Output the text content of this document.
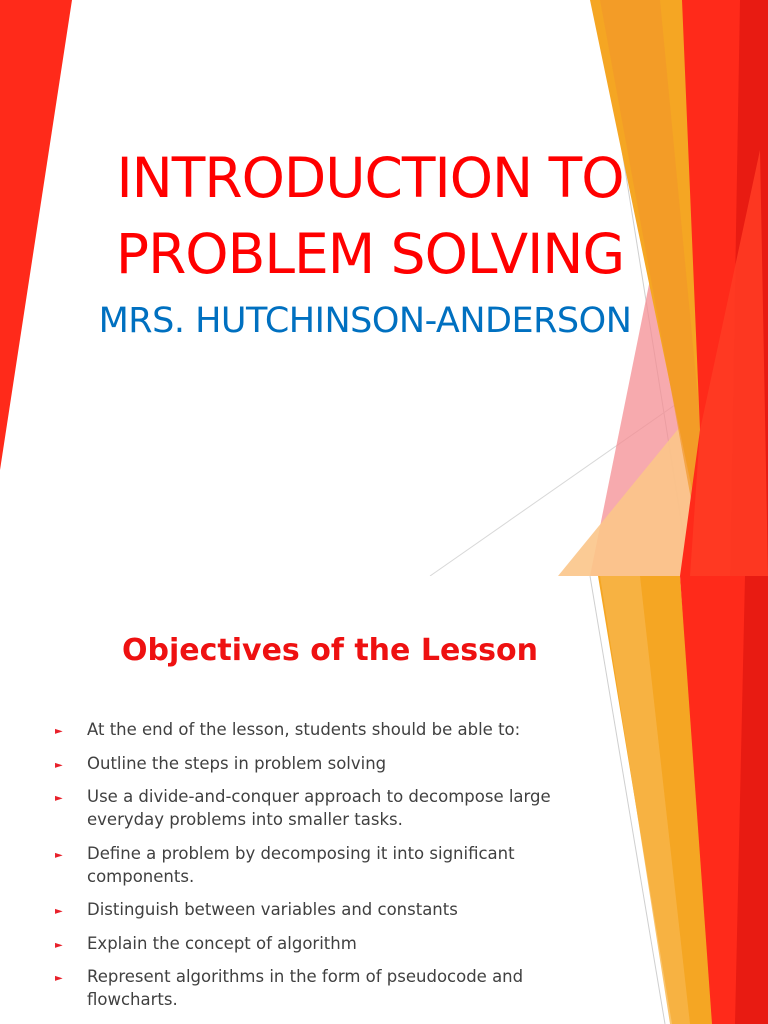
INTRODUCTION TO
PROBLEM SOLVING
MRS. HUTCHINSON-ANDERSON
Objectives of the Lesson
► At the end of the lesson, students should be able to:
► Outline the steps in problem solving
► Use a divide-and-conquer approach to decompose large everyday problems into smaller tasks.
► Define a problem by decomposing it into significant components.
► Distinguish between variables and constants
► Explain the concept of algorithm
► Represent algorithms in the form of pseudocode and flowcharts.
